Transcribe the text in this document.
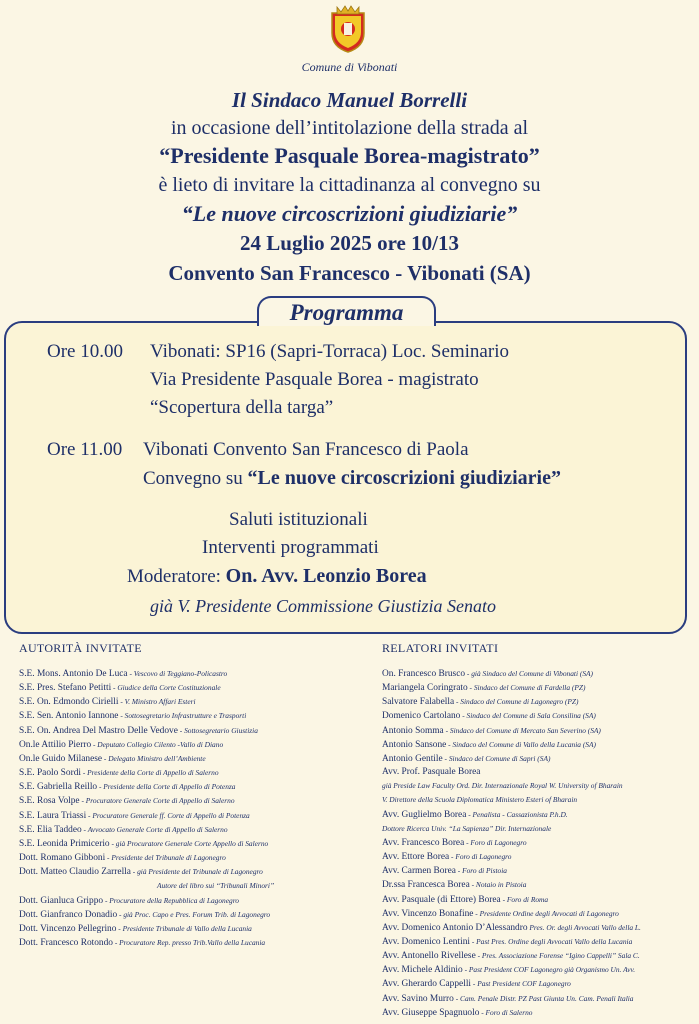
Comune di Vibonati
Il Sindaco Manuel Borrelli
in occasione dell’intitolazione della strada al
“Presidente Pasquale Borea-magistrato”
è lieto di invitare la cittadinanza al convegno su
“Le nuove circoscrizioni giudiziarie”
24 Luglio 2025 ore 10/13
Convento San Francesco - Vibonati (SA)
Programma
Ore 10.00 Vibonati: SP16 (Sapri-Torraca) Loc. Seminario
Via Presidente Pasquale Borea - magistrato
“Scopertura della targa”
Ore 11.00 Vibonati Convento San Francesco di Paola
Convegno su “Le nuove circoscrizioni giudiziarie”
Saluti istituzionali
Interventi programmati
Moderatore: On. Avv. Leonzio Borea
già V. Presidente Commissione Giustizia Senato
AUTORITÀ INVITATE	RELATORI INVITATI
S.E. Mons. Antonio De Luca - Vescovo di Teggiano-Policastro
S.E. Pres. Stefano Petitti - Giudice della Corte Costituzionale
S.E. On. Edmondo Cirielli - V. Ministro Affari Esteri
S.E. Sen. Antonio Iannone - Sottosegretario Infrastrutture e Trasporti
S.E. On. Andrea Del Mastro Delle Vedove - Sottosegretario Giustizia
On.le Attilio Pierro - Deputato Collegio Cilento -Vallo di Diano
On.le Guido Milanese - Delegato Ministro dell’Ambiente
S.E. Paolo Sordi - Presidente della Corte di Appello di Salerno
S.E. Gabriella Reillo - Presidente della Corte di Appello di Potenza
S.E. Rosa Volpe - Procuratore Generale Corte di Appello di Salerno
S.E. Laura Triassi - Procuratore Generale ff. Corte di Appello di Potenza
S.E. Elia Taddeo - Avvocato Generale Corte di Appello di Salerno
S.E. Leonida Primicerio - già Procuratore Generale Corte Appello di Salerno
Dott. Romano Gibboni - Presidente del Tribunale di Lagonegro
Dott. Matteo Claudio Zarrella - già Presidente del Tribunale di Lagonegro
Autore del libro sui ‘‘Tribunali Minori’’
Dott. Gianluca Grippo - Procuratore della Repubblica di Lagonegro
Dott. Gianfranco Donadio - già Proc. Capo e Pres. Forum Trib. di Lagonegro
Dott. Vincenzo Pellegrino - Presidente Tribunale di Vallo della Lucania
Dott. Francesco Rotondo - Procuratore Rep. presso Trib.Vallo della Lucania
On. Francesco Brusco - già Sindaco del Comune di Vibonati (SA)
Mariangela Coringrato - Sindaco del Comune di Fardella (PZ)
Salvatore Falabella - Sindaco del Comune di Lagonegro (PZ)
Domenico Cartolano - Sindaco del Comune di Sala Consilina (SA)
Antonio Somma - Sindaco del Comune di Mercato San Severino (SA)
Antonio Sansone - Sindaco del Comune di Vallo della Lucania (SA)
Antonio Gentile - Sindaco del Comune di Sapri (SA)
Avv. Prof. Pasquale Borea
già Preside Law Faculty Ord. Dir. Internazionale Royal W. University of Bharain
V. Direttore della Scuola Diplomatica Ministero Esteri of Bharain
Avv. Guglielmo Borea - Penalista - Cassazionista P.h.D.
Dottore Ricerca Univ. “La Sapienza” Dir. Internazionale
Avv. Francesco Borea - Foro di Lagonegro
Avv. Ettore Borea - Foro di Lagonegro
Avv. Carmen Borea - Foro di Pistoia
Dr.ssa Francesca Borea - Notaio in Pistoia
Avv. Pasquale (di Ettore) Borea - Foro di Roma
Avv. Vincenzo Bonafine - Presidente Ordine degli Avvocati di Lagonegro
Avv. Domenico Antonio D’Alessandro Pres. Or. degli Avvocati Vallo della L.
Avv. Domenico Lentini - Past Pres. Ordine degli Avvocati Vallo della Lucania
Avv. Antonello Rivellese - Pres. Associazione Forense “Igino Cappelli” Sala C.
Avv. Michele Aldinio - Past President COF Lagonegro già Organismo Un. Avv.
Avv. Gherardo Cappelli - Past President COF Lagonegro
Avv. Savino Murro - Cam. Penale Distr. PZ Past Giunta Un. Cam. Penali Italia
Avv. Giuseppe Spagnuolo - Foro di Salerno
